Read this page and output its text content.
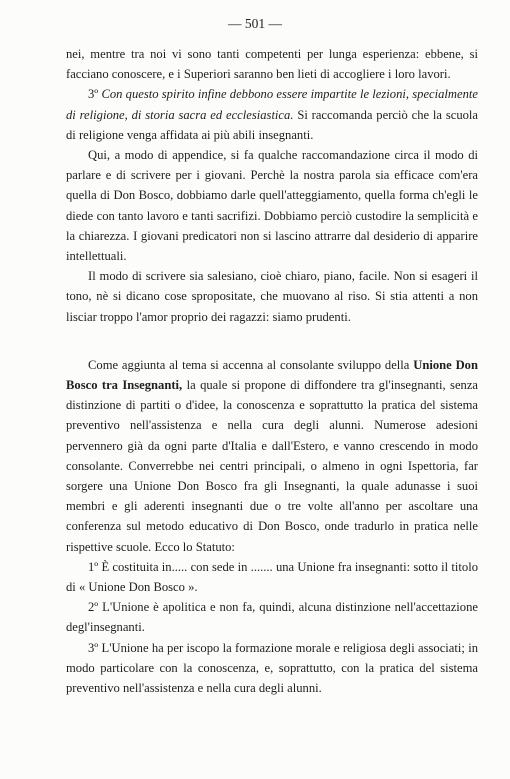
— 501 —

nei, mentre tra noi vi sono tanti competenti per lunga esperienza: ebbene, si facciano conoscere, e i Superiori saranno ben lieti di accogliere i loro lavori.

3º Con questo spirito infine debbono essere impartite le lezioni, specialmente di religione, di storia sacra ed ecclesiastica. Si raccomanda perciò che la scuola di religione venga affidata ai più abili insegnanti.

Qui, a modo di appendice, si fa qualche raccomandazione circa il modo di parlare e di scrivere per i giovani. Perchè la nostra parola sia efficace com'era quella di Don Bosco, dobbiamo darle quell'atteggiamento, quella forma ch'egli le diede con tanto lavoro e tanti sacrifizi. Dobbiamo perciò custodire la semplicità e la chiarezza. I giovani predicatori non si lascino attrarre dal desiderio di apparire intellettuali.

Il modo di scrivere sia salesiano, cioè chiaro, piano, facile. Non si esageri il tono, nè si dicano cose spropositate, che muovano al riso. Si stia attenti a non lisciar troppo l'amor proprio dei ragazzi: siamo prudenti.

Come aggiunta al tema si accenna al consolante sviluppo della Unione Don Bosco tra Insegnanti, la quale si propone di diffondere tra gl'insegnanti, senza distinzione di partiti o d'idee, la conoscenza e soprattutto la pratica del sistema preventivo nell'assistenza e nella cura degli alunni. Numerose adesioni pervennero già da ogni parte d'Italia e dall'Estero, e vanno crescendo in modo consolante. Converrebbe nei centri principali, o almeno in ogni Ispettoria, far sorgere una Unione Don Bosco fra gli Insegnanti, la quale adunasse i suoi membri e gli aderenti insegnanti due o tre volte all'anno per ascoltare una conferenza sul metodo educativo di Don Bosco, onde tradurlo in pratica nelle rispettive scuole. Ecco lo Statuto:

1º È costituita in..... con sede in ....... una Unione fra insegnanti: sotto il titolo di « Unione Don Bosco ».

2º L'Unione è apolitica e non fa, quindi, alcuna distinzione nell'accettazione degl'insegnanti.

3º L'Unione ha per iscopo la formazione morale e religiosa degli associati; in modo particolare con la conoscenza, e, soprattutto, con la pratica del sistema preventivo nell'assistenza e nella cura degli alunni.
